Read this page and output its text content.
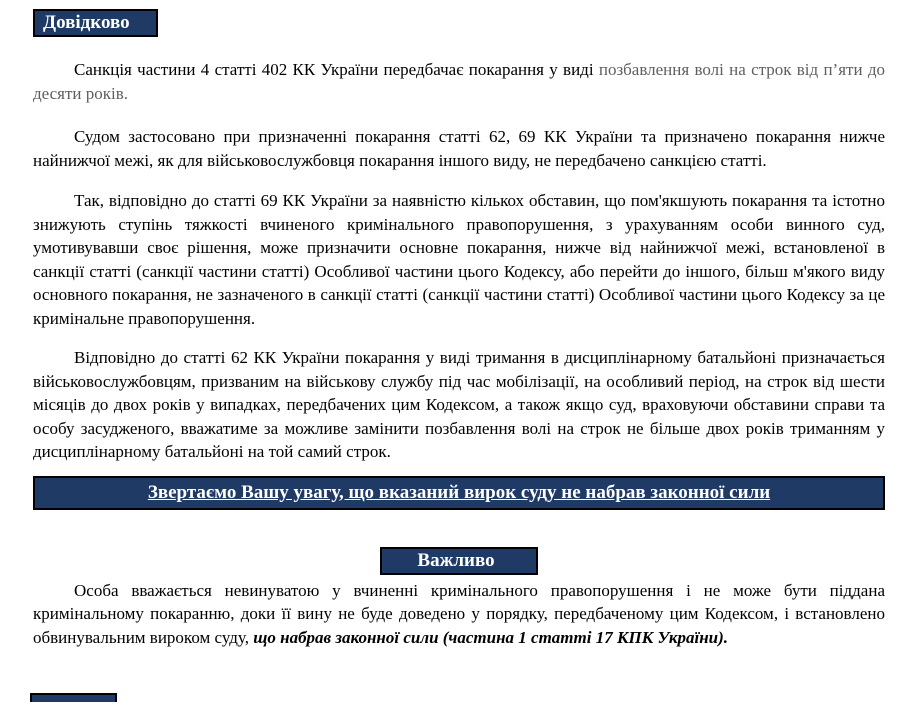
Довідково

Санкція частини 4 статті 402 КК України передбачає покарання у виді позбавлення волі на строк від п’яти до десяти років.

Судом застосовано при призначенні покарання статті 62, 69 КК України та призначено покарання нижче найнижчої межі, як для військовослужбовця покарання іншого виду, не передбачено санкцією статті.

Так, відповідно до статті 69 КК України за наявністю кількох обставин, що пом'якшують покарання та істотно знижують ступінь тяжкості вчиненого кримінального правопорушення, з урахуванням особи винного суд, умотивувавши своє рішення, може призначити основне покарання, нижче від найнижчої межі, встановленої в санкції статті (санкції частини статті) Особливої частини цього Кодексу, або перейти до іншого, більш м'якого виду основного покарання, не зазначеного в санкції статті (санкції частини статті) Особливої частини цього Кодексу за це кримінальне правопорушення.

Відповідно до статті 62 КК України покарання у виді тримання в дисциплінарному батальйоні призначається військовослужбовцям, призваним на військову службу під час мобілізації, на особливий період, на строк від шести місяців до двох років у випадках, передбачених цим Кодексом, а також якщо суд, враховуючи обставини справи та особу засудженого, вважатиме за можливе замінити позбавлення волі на строк не більше двох років триманням у дисциплінарному батальйоні на той самий строк.

Звертаємо Вашу увагу, що вказаний вирок суду не набрав законної сили
Важливо

Особа вважається невинуватою у вчиненні кримінального правопорушення і не може бути піддана кримінальному покаранню, доки її вину не буде доведено у порядку, передбаченому цим Кодексом, і встановлено обвинувальним вироком суду, що набрав законної сили (частина 1 статті 17 КПК України).
